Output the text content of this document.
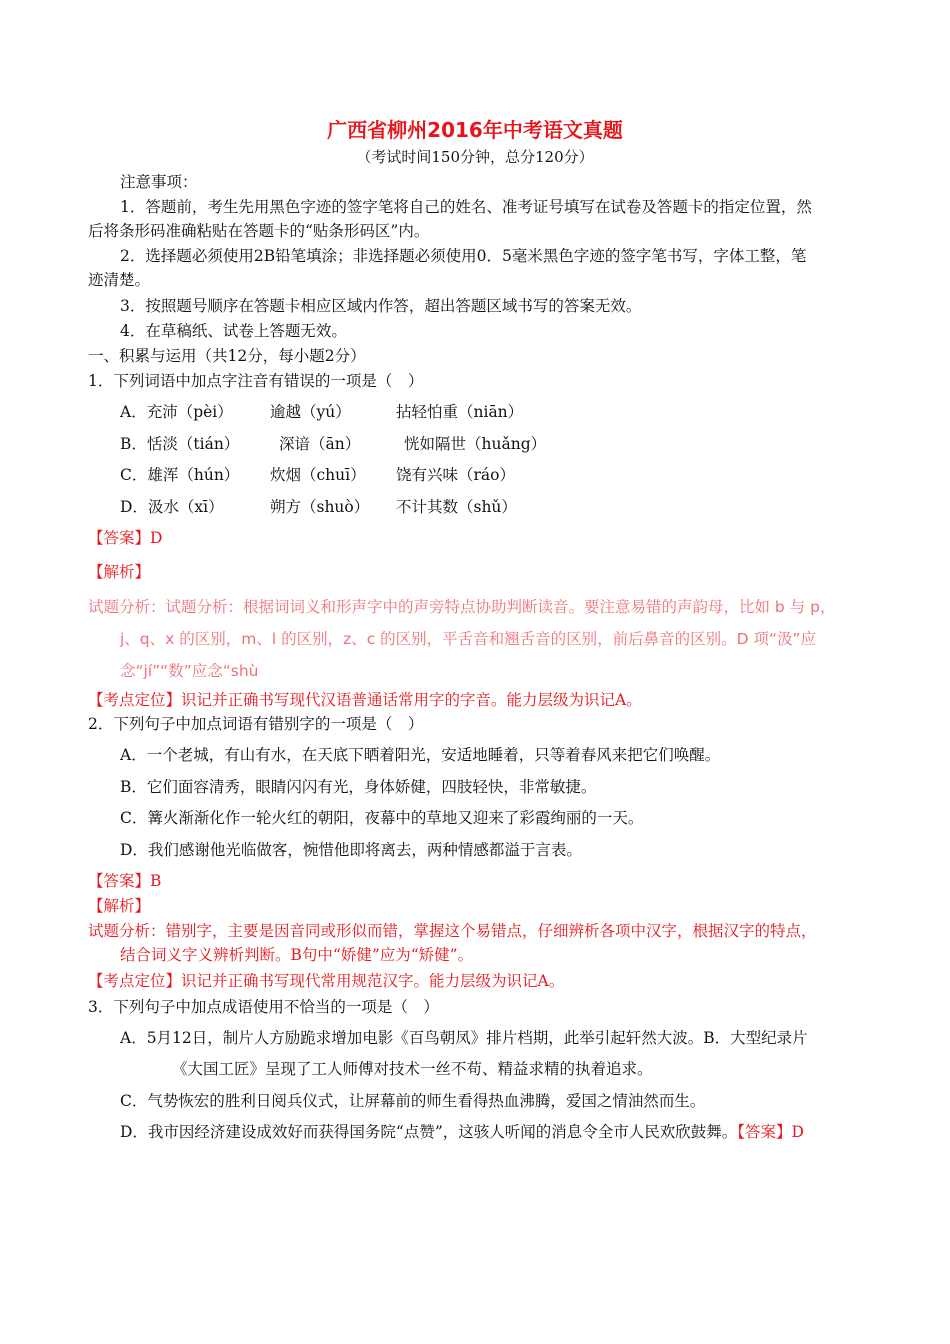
广西省柳州2016年中考语文真题
（考试时间150分钟，总分120分）
注意事项：
1．答题前，考生先用黑色字迹的签字笔将自己的姓名、准考证号填写在试卷及答题卡的指定位置，然
后将条形码准确粘贴在答题卡的“贴条形码区”内。
2．选择题必须使用2B铅笔填涂；非选择题必须使用0．5毫米黑色字迹的签字笔书写，字体工整，笔
迹清楚。
3．按照题号顺序在答题卡相应区域内作答，超出答题区域书写的答案无效。
4．在草稿纸、试卷上答题无效。
一、积累与运用（共12分，每小题2分）
1．下列词语中加点字注音有错误的一项是（　）
A．充沛（pèi） 逾越（yú）	拈轻怕重（niān）
B．恬淡（tián）	深谙（ān）	恍如隔世（huǎng）
C．雄浑（hún） 炊烟（chuī） 饶有兴味（ráo）
D．汲水（xī）	朔方（shuò） 不计其数（shǔ）
【答案】D
【解析】
试题分析：试题分析：根据词词义和形声字中的声旁特点协助判断读音。要注意易错的声韵母，比如 b 与 p，
j、q、x 的区别，m、l 的区别，z、c 的区别，平舌音和翘舌音的区别，前后鼻音的区别。D 项“汲”应
念“jí”“数”应念“shù
【考点定位】识记并正确书写现代汉语普通话常用字的字音。能力层级为识记A。
2．下列句子中加点词语有错别字的一项是（　）
A．一个老城，有山有水，在天底下晒着阳光，安适地睡着，只等着春风来把它们唤醒。
B．它们面容清秀，眼睛闪闪有光，身体娇健，四肢轻快，非常敏捷。
C．篝火渐渐化作一轮火红的朝阳，夜幕中的草地又迎来了彩霞绚丽的一天。
D．我们感谢他光临做客，惋惜他即将离去，两种情感都溢于言表。
【答案】B
【解析】
试题分析：错别字，主要是因音同或形似而错，掌握这个易错点，仔细辨析各项中汉字，根据汉字的特点，
结合词义字义辨析判断。B句中“娇健”应为“矫健”。
【考点定位】识记并正确书写现代常用规范汉字。能力层级为识记A。
3．下列句子中加点成语使用不恰当的一项是（　）
A．5月12日，制片人方励跪求增加电影《百鸟朝凤》排片档期，此举引起轩然大波。B．大型纪录片
《大国工匠》呈现了工人师傅对技术一丝不苟、精益求精的执着追求。
C．气势恢宏的胜利日阅兵仪式，让屏幕前的师生看得热血沸腾，爱国之情油然而生。
D．我市因经济建设成效好而获得国务院“点赞”，这骇人听闻的消息令全市人民欢欣鼓舞。【答案】D
